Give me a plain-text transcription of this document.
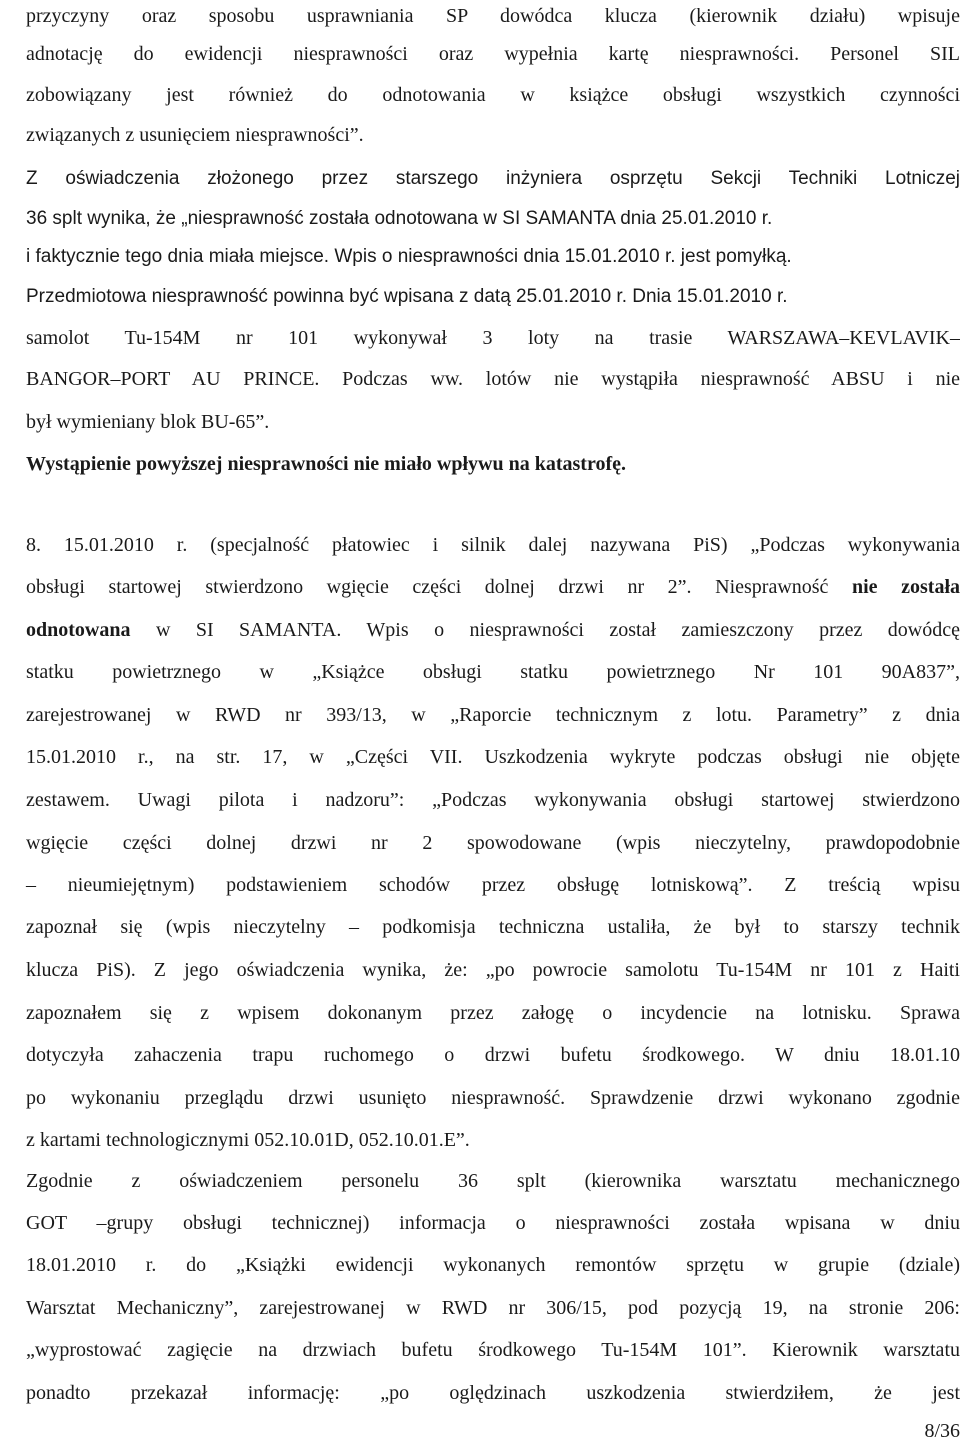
przyczyny oraz sposobu usprawniania SP dowódca klucza (kierownik działu) wpisuje
adnotację do ewidencji niesprawności oraz wypełnia kartę niesprawności. Personel SIL
zobowiązany jest również do odnotowania w książce obsługi wszystkich czynności
związanych z usunięciem niesprawności”.
Z oświadczenia złożonego przez starszego inżyniera osprzętu Sekcji Techniki Lotniczej
36 splt wynika, że „niesprawność została odnotowana w SI SAMANTA dnia 25.01.2010 r.
i faktycznie tego dnia miała miejsce. Wpis o niesprawności dnia 15.01.2010 r. jest pomyłką.
Przedmiotowa niesprawność powinna być wpisana z datą 25.01.2010 r. Dnia 15.01.2010 r.
samolot Tu-154M nr 101 wykonywał 3 loty na trasie WARSZAWA–KEVLAVIK–
BANGOR–PORT AU PRINCE. Podczas ww. lotów nie wystąpiła niesprawność ABSU i nie
był wymieniany blok BU-65”.
Wystąpienie powyższej niesprawności nie miało wpływu na katastrofę.
8. 15.01.2010 r. (specjalność płatowiec i silnik dalej nazywana PiS) „Podczas wykonywania
obsługi startowej stwierdzono wgięcie części dolnej drzwi nr 2”. Niesprawność nie została
odnotowana w SI SAMANTA. Wpis o niesprawności został zamieszczony przez dowódcę
statku powietrznego w „Książce obsługi statku powietrznego Nr 101 90A837”,
zarejestrowanej w RWD nr 393/13, w „Raporcie technicznym z lotu. Parametry” z dnia
15.01.2010 r., na str. 17, w „Części VII. Uszkodzenia wykryte podczas obsługi nie objęte
zestawem. Uwagi pilota i nadzoru”: „Podczas wykonywania obsługi startowej stwierdzono
wgięcie części dolnej drzwi nr 2 spowodowane (wpis nieczytelny, prawdopodobnie
– nieumiejętnym) podstawieniem schodów przez obsługę lotniskową”. Z treścią wpisu
zapoznał się (wpis nieczytelny – podkomisja techniczna ustaliła, że był to starszy technik
klucza PiS). Z jego oświadczenia wynika, że: „po powrocie samolotu Tu-154M nr 101 z Haiti
zapoznałem się z wpisem dokonanym przez załogę o incydencie na lotnisku. Sprawa
dotyczyła zahaczenia trapu ruchomego o drzwi bufetu środkowego. W dniu 18.01.10
po wykonaniu przeglądu drzwi usunięto niesprawność. Sprawdzenie drzwi wykonano zgodnie
z kartami technologicznymi 052.10.01D, 052.10.01.E”.
Zgodnie z oświadczeniem personelu 36 splt (kierownika warsztatu mechanicznego
GOT –grupy obsługi technicznej) informacja o niesprawności została wpisana w dniu
18.01.2010 r. do „Książki ewidencji wykonanych remontów sprzętu w grupie (dziale)
Warsztat Mechaniczny”, zarejestrowanej w RWD nr 306/15, pod pozycją 19, na stronie 206:
„wyprostować zagięcie na drzwiach bufetu środkowego Tu-154M 101”. Kierownik warsztatu
ponadto przekazał informację: „po oględzinach uszkodzenia stwierdziłem, że jest
8/36
